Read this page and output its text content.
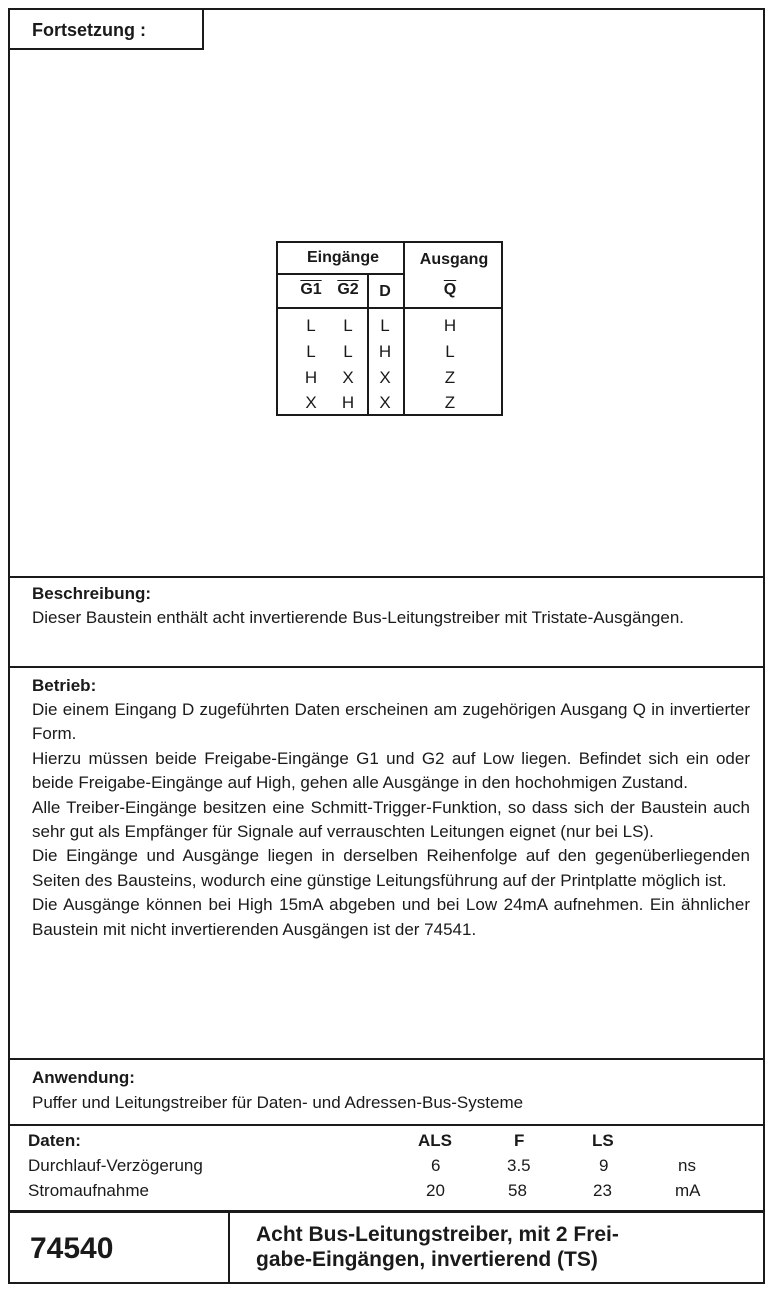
Fortsetzung :
Eingänge	Ausgang
G1 G2	D	$\overline{Q}$
L	L	L	H
L	L	H	L
H	X	X	Z
X	H	X	Z
Beschreibung:

Dieser Baustein enthält acht invertierende Bus-Leitungstreiber mit Tristate-Ausgängen.

Betrieb:

Die einem Eingang D zugeführten Daten erscheinen am zugehörigen Ausgang Q in invertierter Form.

Hierzu müssen beide Freigabe-Eingänge G1 und G2 auf Low liegen. Befindet sich ein oder beide Freigabe-Eingänge auf High, gehen alle Ausgänge in den hochohmigen Zustand.

Alle Treiber-Eingänge besitzen eine Schmitt-Trigger-Funktion, so dass sich der Baustein auch sehr gut als Empfänger für Signale auf verrauschten Leitungen eignet (nur bei LS).

Die Eingänge und Ausgänge liegen in derselben Reihenfolge auf den gegenüberliegenden Seiten des Bausteins, wodurch eine günstige Leitungsführung auf der Printplatte möglich ist.

Die Ausgänge können bei High 15mA abgeben und bei Low 24mA aufnehmen. Ein ähnlicher Baustein mit nicht invertierenden Ausgängen ist der 74541.

Anwendung:

Puffer und Leitungstreiber für Daten- und Adressen-Bus-Systeme

Daten:	ALS	F	LS
Durchlauf-Verzögerung	6	3.5	9	ns
Stromaufnahme	20	58	23	mA
74540	Acht Bus-Leitungstreiber, mit 2 Frei-
gabe-Eingängen, invertierend (TS)
